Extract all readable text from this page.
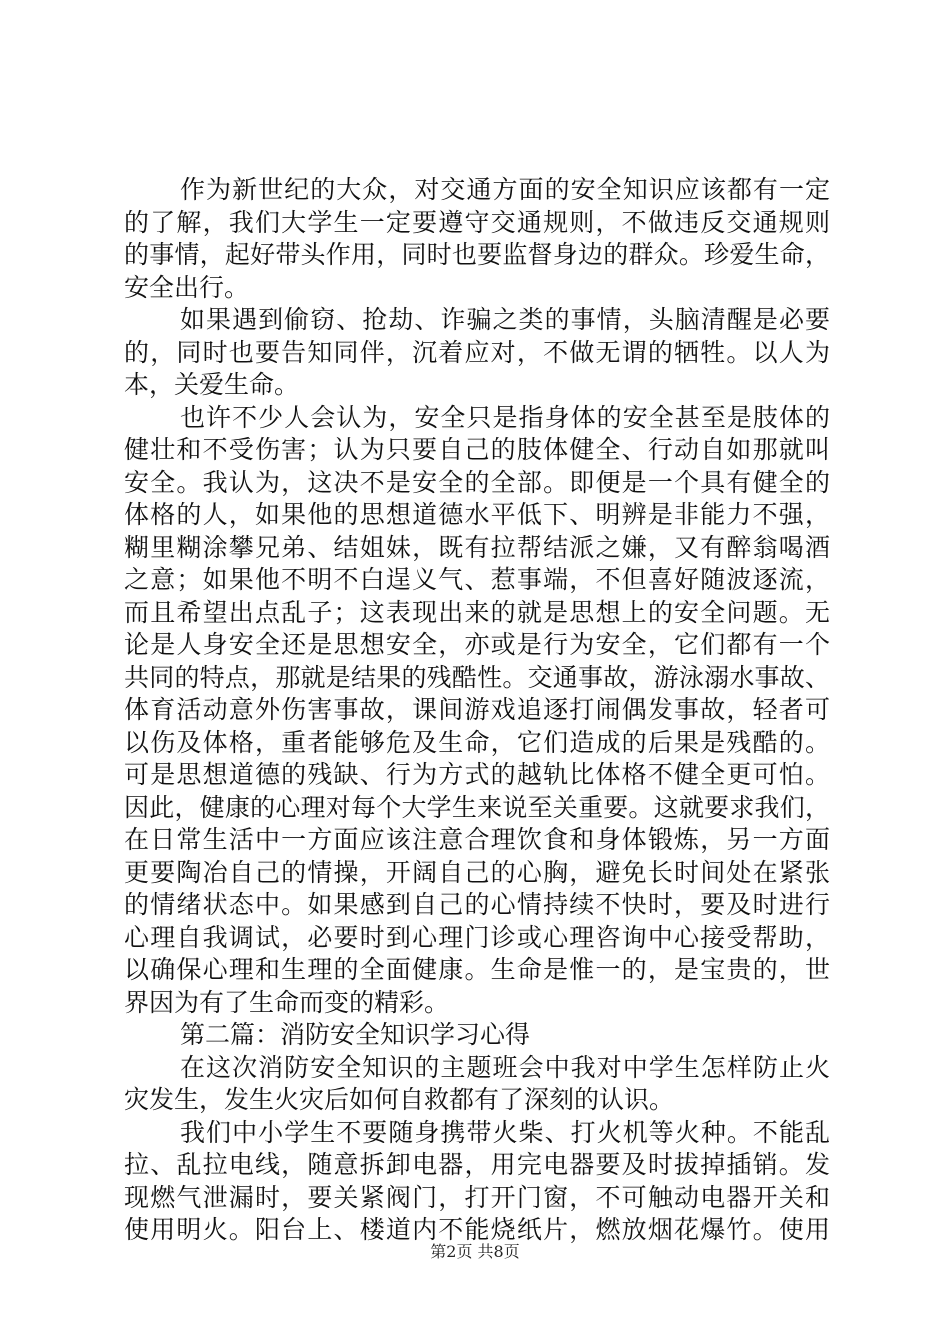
作为新世纪的大众，对交通方面的安全知识应该都有一定
的了解，我们大学生一定要遵守交通规则，不做违反交通规则
的事情，起好带头作用，同时也要监督身边的群众。珍爱生命，
安全出行。
如果遇到偷窃、抢劫、诈骗之类的事情，头脑清醒是必要
的，同时也要告知同伴，沉着应对，不做无谓的牺牲。以人为
本，关爱生命。
也许不少人会认为，安全只是指身体的安全甚至是肢体的
健壮和不受伤害；认为只要自己的肢体健全、行动自如那就叫
安全。我认为，这决不是安全的全部。即便是一个具有健全的
体格的人，如果他的思想道德水平低下、明辨是非能力不强，
糊里糊涂攀兄弟、结姐妹，既有拉帮结派之嫌，又有醉翁喝酒
之意；如果他不明不白逞义气、惹事端，不但喜好随波逐流，
而且希望出点乱子；这表现出来的就是思想上的安全问题。无
论是人身安全还是思想安全，亦或是行为安全，它们都有一个
共同的特点，那就是结果的残酷性。交通事故，游泳溺水事故、
体育活动意外伤害事故，课间游戏追逐打闹偶发事故，轻者可
以伤及体格，重者能够危及生命，它们造成的后果是残酷的。
可是思想道德的残缺、行为方式的越轨比体格不健全更可怕。
因此，健康的心理对每个大学生来说至关重要。这就要求我们，
在日常生活中一方面应该注意合理饮食和身体锻炼，另一方面
更要陶冶自己的情操，开阔自己的心胸，避免长时间处在紧张
的情绪状态中。如果感到自己的心情持续不快时，要及时进行
心理自我调试，必要时到心理门诊或心理咨询中心接受帮助，
以确保心理和生理的全面健康。生命是惟一的，是宝贵的，世
界因为有了生命而变的精彩。
第二篇：消防安全知识学习心得
在这次消防安全知识的主题班会中我对中学生怎样防止火
灾发生，发生火灾后如何自救都有了深刻的认识。
我们中小学生不要随身携带火柴、打火机等火种。不能乱
拉、乱拉电线，随意拆卸电器，用完电器要及时拔掉插销。发
现燃气泄漏时，要关紧阀门，打开门窗，不可触动电器开关和
使用明火。阳台上、楼道内不能烧纸片，燃放烟花爆竹。使用
第2页 共8页
